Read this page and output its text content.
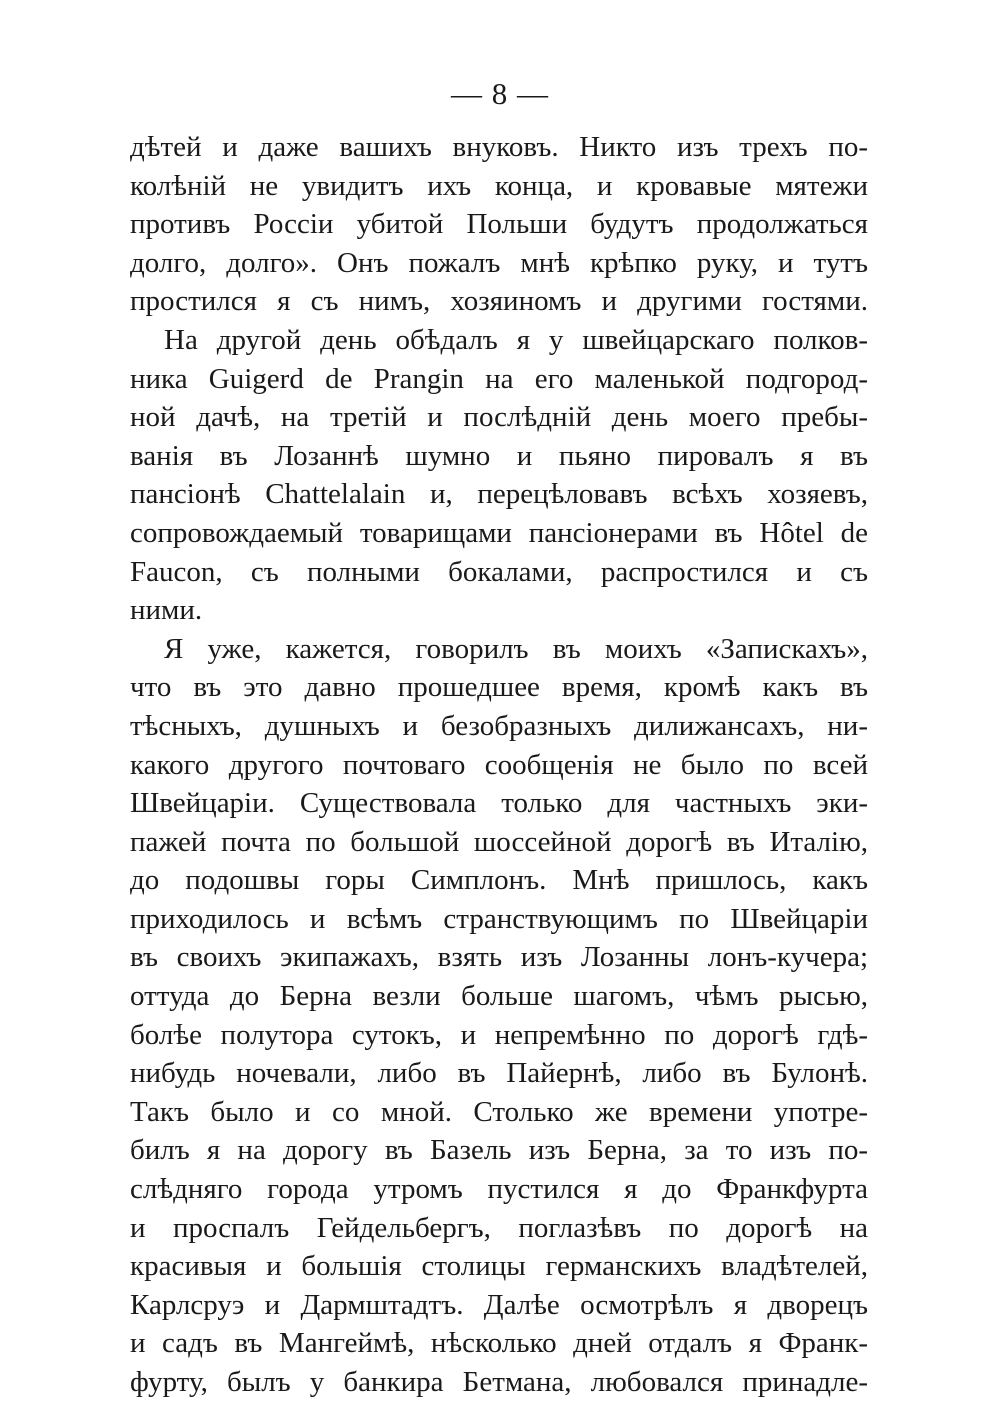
— 8 —
дѣтей и даже вашихъ внуковъ. Никто изъ трехъ по-
колѣній не увидитъ ихъ конца, и кровавые мятежи
противъ Россіи убитой Польши будутъ продолжаться
долго, долго». Онъ пожалъ мнѣ крѣпко руку, и тутъ
простился я съ нимъ, хозяиномъ и другими гостями.
На другой день обѣдалъ я у швейцарскаго полков-
ника Guigerd de Prangin на его маленькой подгород-
ной дачѣ, на третій и послѣдній день моего пребы-
ванія въ Лозаннѣ шумно и пьяно пировалъ я въ
пансіонѣ Chattelalain и, перецѣловавъ всѣхъ хозяевъ,
сопровождаемый товарищами пансіонерами въ Hôtel de
Faucon, съ полными бокалами, распростился и съ
ними.
Я уже, кажется, говорилъ въ моихъ «Запискахъ»,
что въ это давно прошедшее время, кромѣ какъ въ
тѣсныхъ, душныхъ и безобразныхъ дилижансахъ, ни-
какого другого почтоваго сообщенія не было по всей
Швейцаріи. Существовала только для частныхъ эки-
пажей почта по большой шоссейной дорогѣ въ Италію,
до подошвы горы Симплонъ. Мнѣ пришлось, какъ
приходилось и всѣмъ странствующимъ по Швейцаріи
въ своихъ экипажахъ, взять изъ Лозанны лонъ-кучера;
оттуда до Берна везли больше шагомъ, чѣмъ рысью,
болѣе полутора сутокъ, и непремѣнно по дорогѣ гдѣ-
нибудь ночевали, либо въ Пайернѣ, либо въ Булонѣ.
Такъ было и со мной. Столько же времени употре-
билъ я на дорогу въ Базель изъ Берна, за то изъ по-
слѣдняго города утромъ пустился я до Франкфурта
и проспалъ Гейдельбергъ, поглазѣвъ по дорогѣ на
красивыя и большія столицы германскихъ владѣтелей,
Карлсруэ и Дармштадтъ. Далѣе осмотрѣлъ я дворецъ
и садъ въ Мангеймѣ, нѣсколько дней отдалъ я Франк-
фурту, былъ у банкира Бетмана, любовался принадле-
